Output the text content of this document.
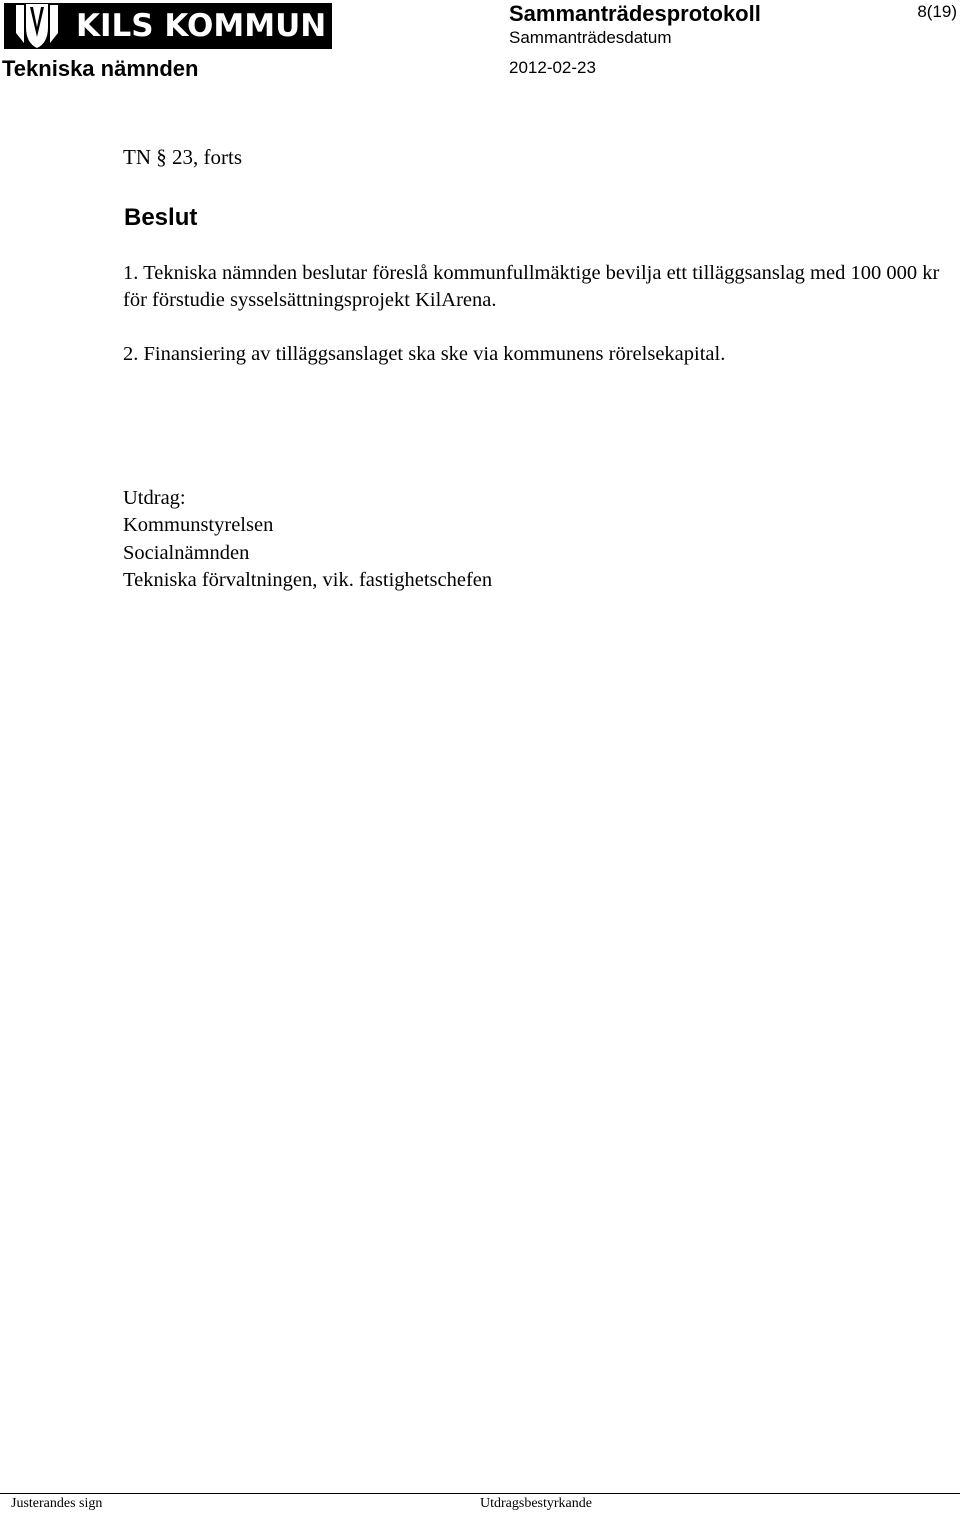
KILS KOMMUN
Tekniska nämnden
Sammanträdesprotokoll
Sammanträdesdatum
2012-02-23
8(19)
TN § 23, forts
Beslut
1. Tekniska nämnden beslutar föreslå kommunfullmäktige bevilja ett tilläggsanslag med 100 000 kr för förstudie sysselsättningsprojekt KilArena.
2. Finansiering av tilläggsanslaget ska ske via kommunens rörelsekapital.
Utdrag:
Kommunstyrelsen
Socialnämnden
Tekniska förvaltningen, vik. fastighetschefen
Justerandes sign	Utdragsbestyrkande
